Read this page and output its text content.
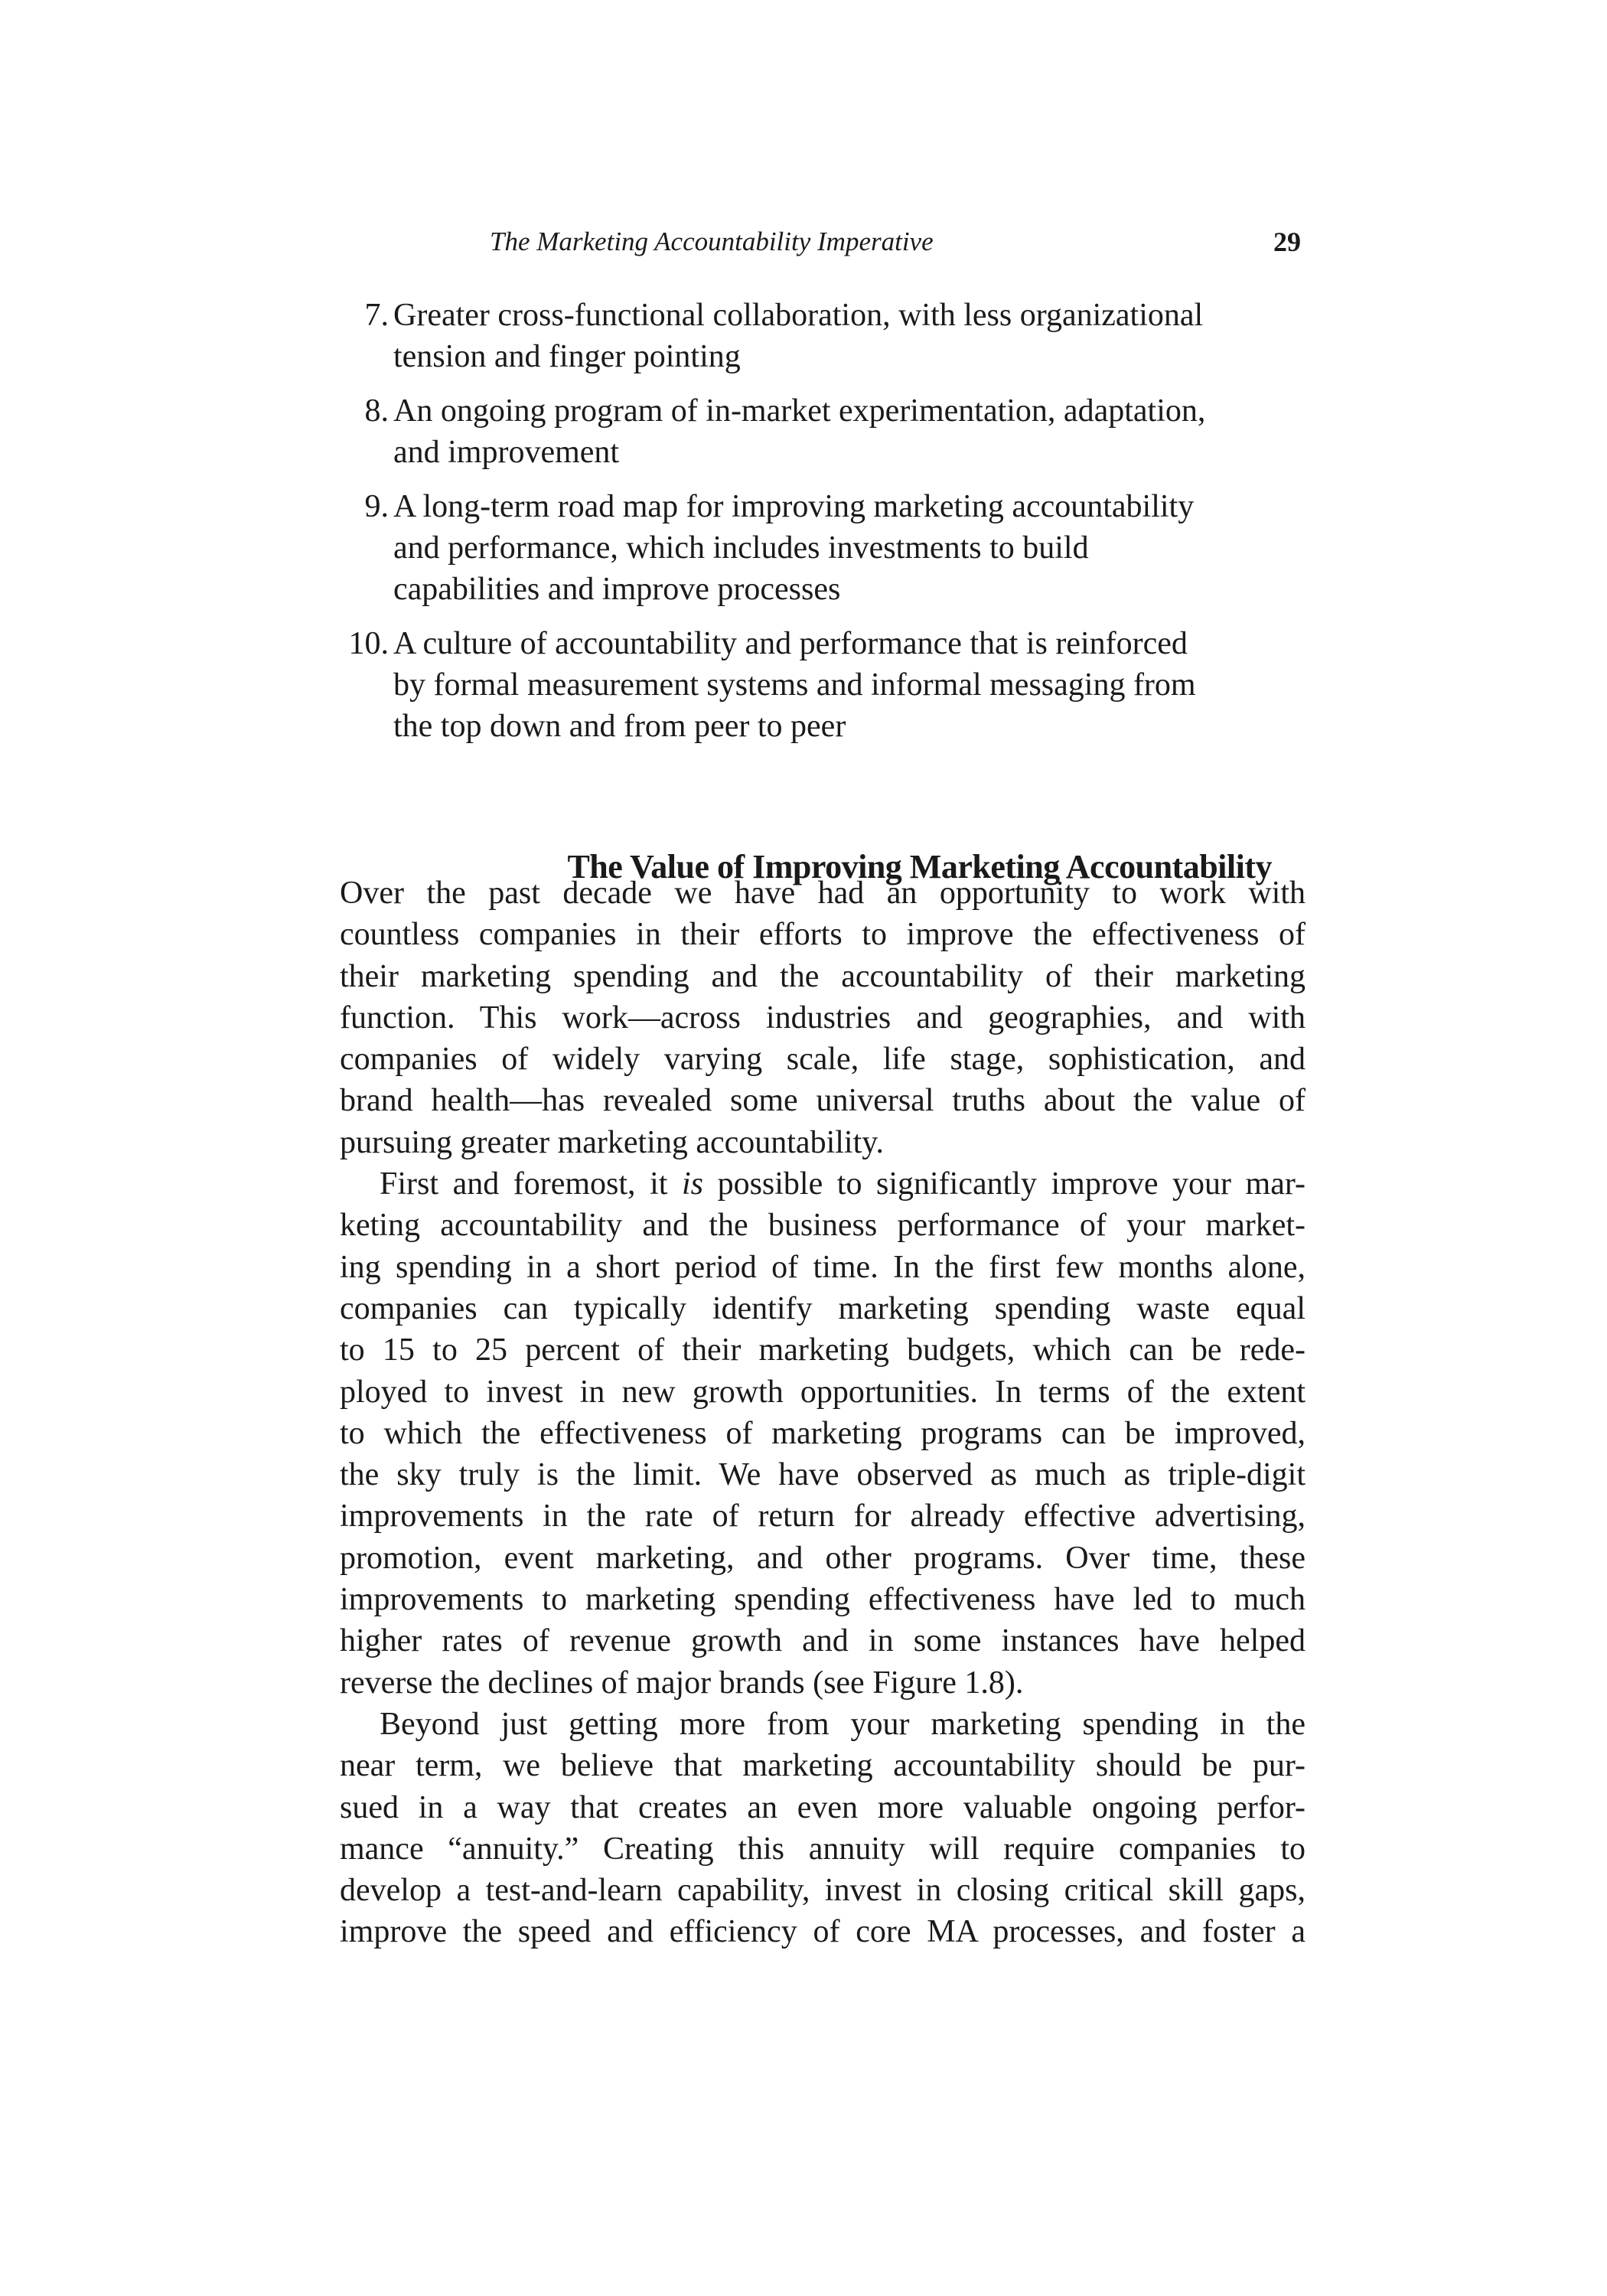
The Marketing Accountability Imperative	29
7. Greater cross-functional collaboration, with less organizational
tension and finger pointing
8. An ongoing program of in-market experimentation, adaptation,
and improvement
9. A long-term road map for improving marketing accountability
and performance, which includes investments to build
capabilities and improve processes
10. A culture of accountability and performance that is reinforced
by formal measurement systems and informal messaging from
the top down and from peer to peer
The Value of Improving Marketing Accountability

Over the past decade we have had an opportunity to work with
countless companies in their efforts to improve the effectiveness of
their marketing spending and the accountability of their marketing
function. This work—across industries and geographies, and with
companies of widely varying scale, life stage, sophistication, and
brand health—has revealed some universal truths about the value of
pursuing greater marketing accountability.

First and foremost, it is possible to significantly improve your mar-
keting accountability and the business performance of your market-
ing spending in a short period of time. In the first few months alone,
companies can typically identify marketing spending waste equal
to 15 to 25 percent of their marketing budgets, which can be rede-
ployed to invest in new growth opportunities. In terms of the extent
to which the effectiveness of marketing programs can be improved,
the sky truly is the limit. We have observed as much as triple-digit
improvements in the rate of return for already effective advertising,
promotion, event marketing, and other programs. Over time, these
improvements to marketing spending effectiveness have led to much
higher rates of revenue growth and in some instances have helped
reverse the declines of major brands (see Figure 1.8).

Beyond just getting more from your marketing spending in the
near term, we believe that marketing accountability should be pur-
sued in a way that creates an even more valuable ongoing perfor-
mance “annuity.” Creating this annuity will require companies to
develop a test-and-learn capability, invest in closing critical skill gaps,
improve the speed and efficiency of core MA processes, and foster a
